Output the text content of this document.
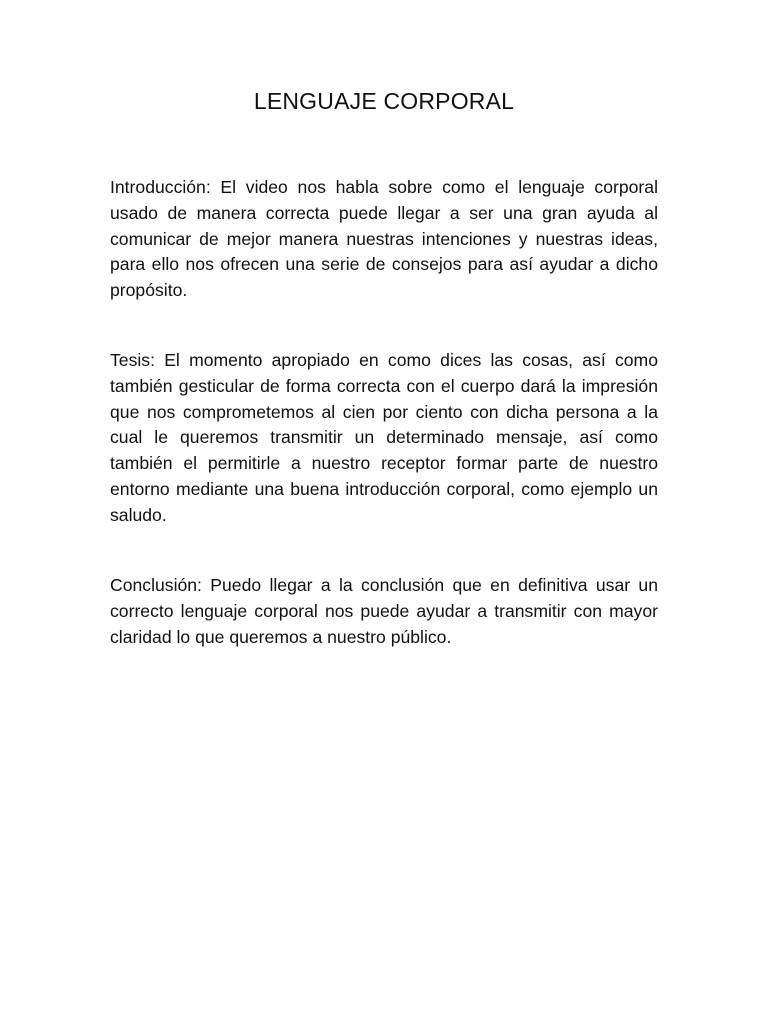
LENGUAJE CORPORAL

Introducción: El video nos habla sobre como el lenguaje corporal usado de manera correcta puede llegar a ser una gran ayuda al comunicar de mejor manera nuestras intenciones y nuestras ideas, para ello nos ofrecen una serie de consejos para así ayudar a dicho propósito.

Tesis: El momento apropiado en como dices las cosas, así como también gesticular de forma correcta con el cuerpo dará la impresión que nos comprometemos al cien por ciento con dicha persona a la cual le queremos transmitir un determinado mensaje, así como también el permitirle a nuestro receptor formar parte de nuestro entorno mediante una buena introducción corporal, como ejemplo un saludo.

Conclusión: Puedo llegar a la conclusión que en definitiva usar un correcto lenguaje corporal nos puede ayudar a transmitir con mayor claridad lo que queremos a nuestro público.
